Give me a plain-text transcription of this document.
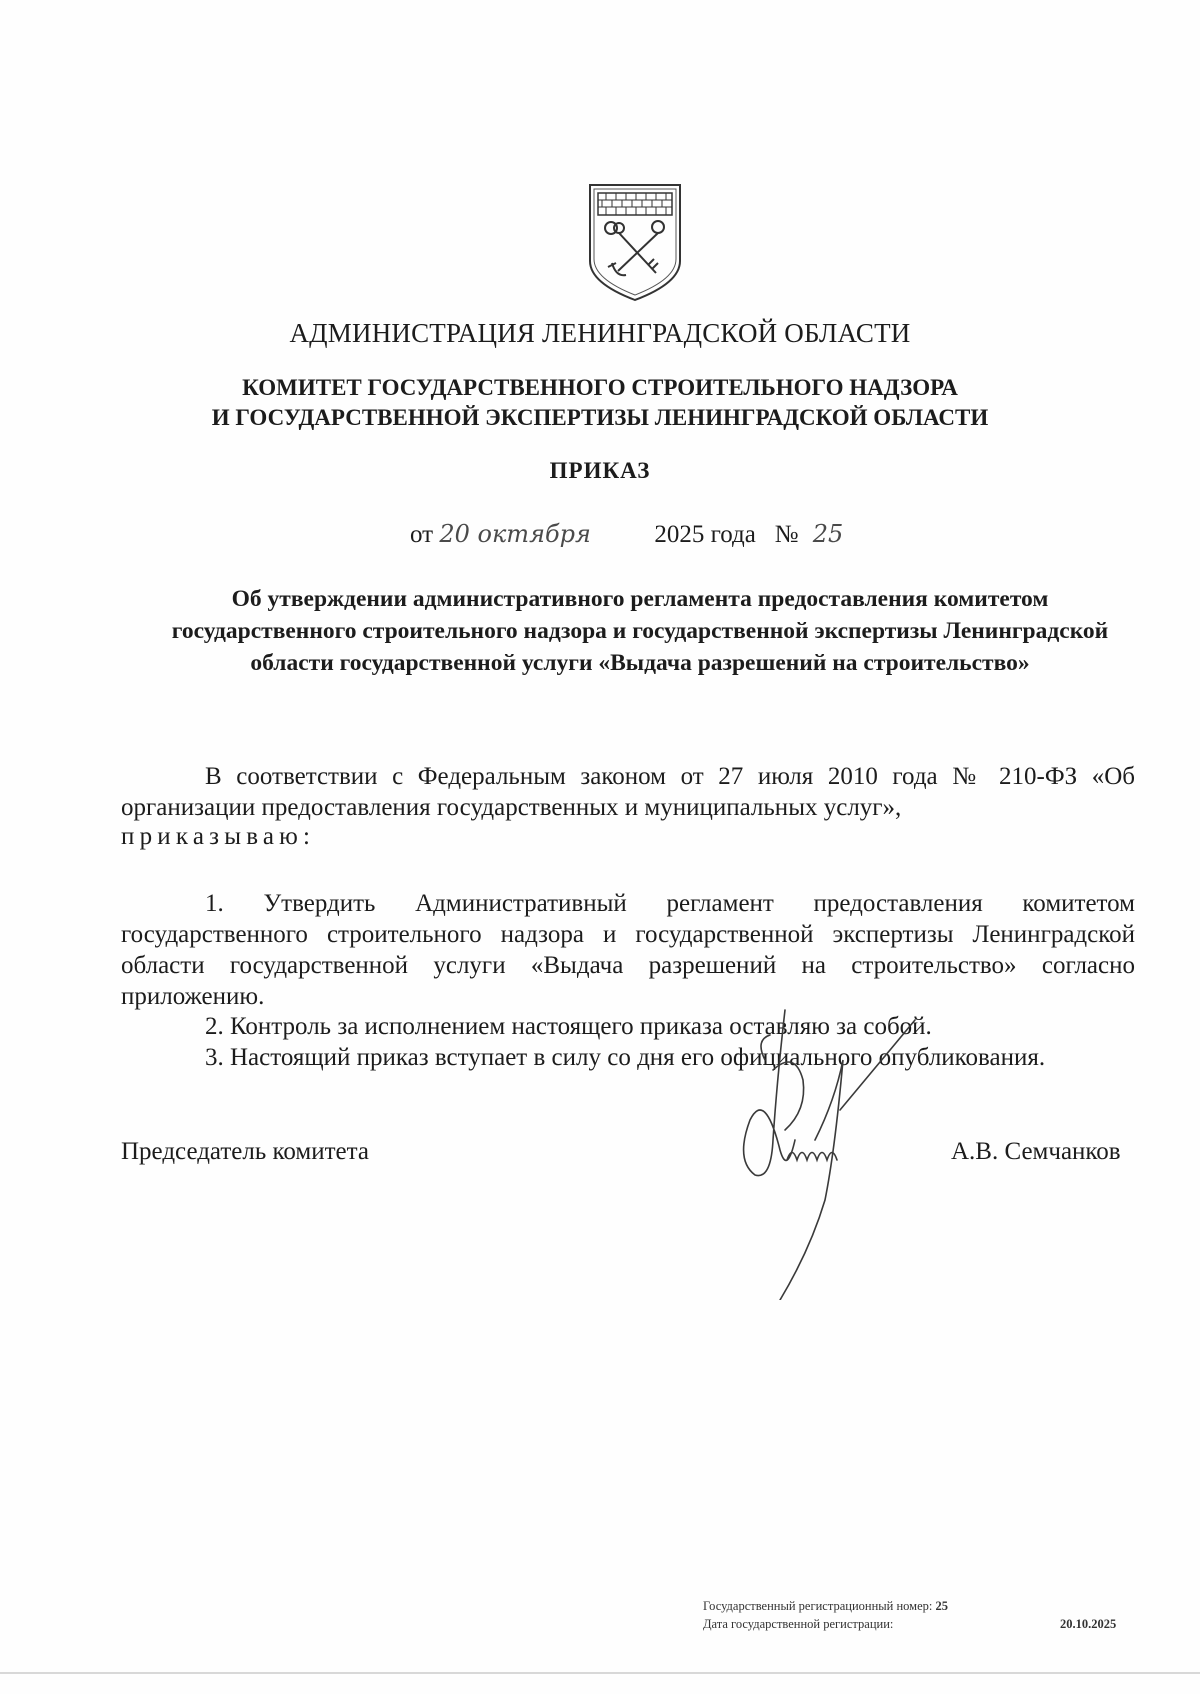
АДМИНИСТРАЦИЯ ЛЕНИНГРАДСКОЙ ОБЛАСТИ
КОМИТЕТ ГОСУДАРСТВЕННОГО СТРОИТЕЛЬНОГО НАДЗОРА
И ГОСУДАРСТВЕННОЙ ЭКСПЕРТИЗЫ ЛЕНИНГРАДСКОЙ ОБЛАСТИ
ПРИКАЗ
от 20 октября	2025 года № 25
Об утверждении административного регламента предоставления комитетом государственного строительного надзора и государственной экспертизы Ленинградской области государственной услуги «Выдача разрешений на строительство»
В соответствии с Федеральным законом от 27 июля 2010 года № 210-ФЗ «Об организации предоставления государственных и муниципальных услуг»,
приказываю:
1. Утвердить Административный регламент предоставления комитетом государственного строительного надзора и государственной экспертизы Ленинградской области государственной услуги «Выдача разрешений на строительство» согласно приложению.
2. Контроль за исполнением настоящего приказа оставляю за собой.
3. Настоящий приказ вступает в силу со дня его официального опубликования.
Председатель комитета	А.В. Семчанков
Государственный регистрационный номер:
25
Дата государственной регистрации:	20.10.2025
